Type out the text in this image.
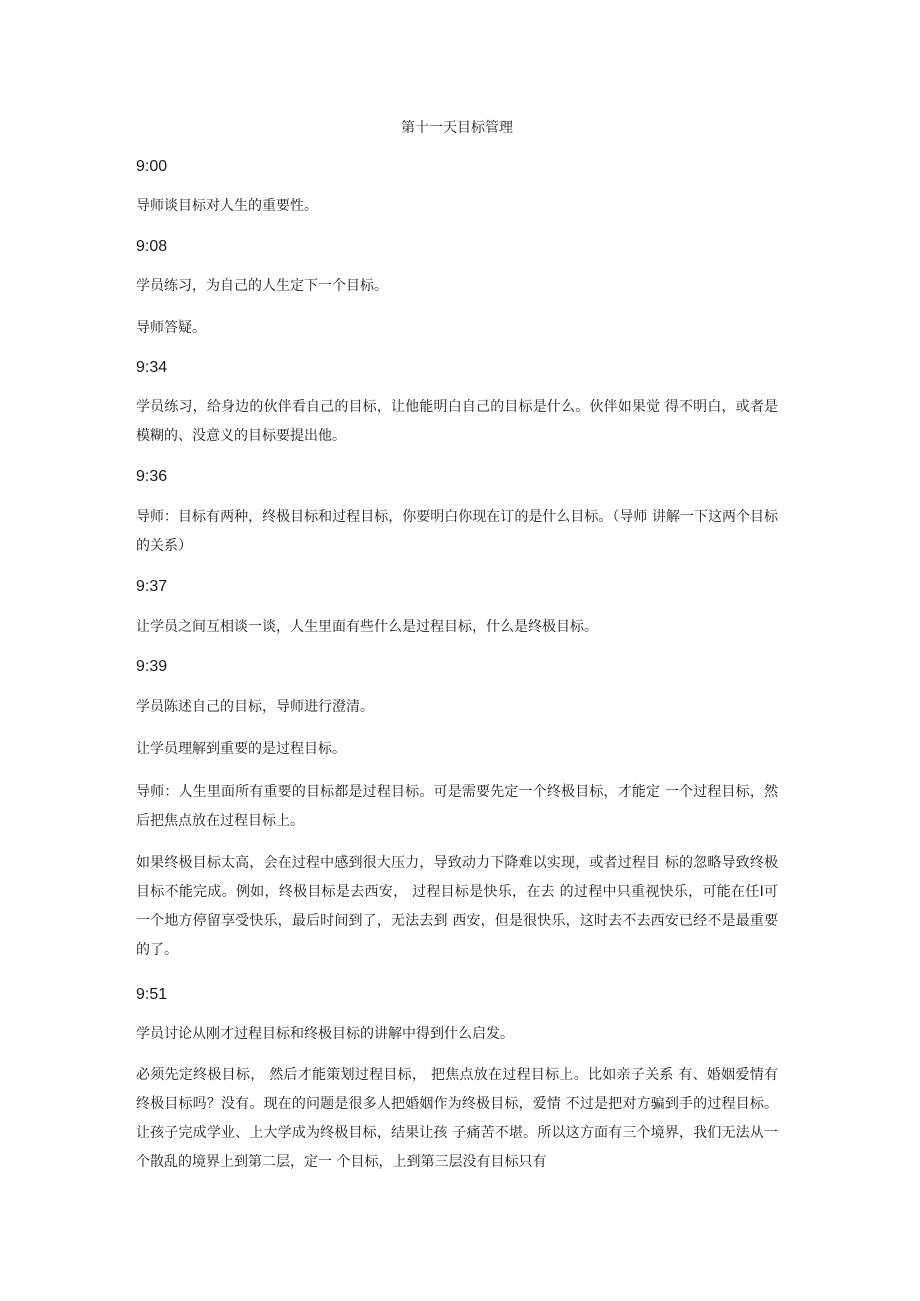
第十一天目标管理
9:00

导师谈目标对人生的重要性。

9:08

学员练习，为自己的人生定下一个目标。

导师答疑。

9:34

学员练习，给身边的伙伴看自己的目标，让他能明白自己的目标是什么。伙伴如果觉 得不明白，或者是模糊的、没意义的目标要提出他。

9:36

导师：目标有两种，终极目标和过程目标，你要明白你现在订的是什么目标。（导师 讲解一下这两个目标的关系）

9:37

让学员之间互相谈一谈，人生里面有些什么是过程目标，什么是终极目标。

9:39

学员陈述自己的目标，导师进行澄清。

让学员理解到重要的是过程目标。

导师：人生里面所有重要的目标都是过程目标。可是需要先定一个终极目标，才能定 一个过程目标，然后把焦点放在过程目标上。

如果终极目标太高，会在过程中感到很大压力，导致动力下降难以实现，或者过程目 标的忽略导致终极目标不能完成。例如，终极目标是去西安， 过程目标是快乐，在去 的过程中只重视快乐，可能在任I可一个地方停留享受快乐，最后时间到了，无法去到 西安，但是很快乐，这时去不去西安已经不是最重要的了。

9:51

学员讨论从刚才过程目标和终极目标的讲解中得到什么启发。

必须先定终极目标， 然后才能策划过程目标， 把焦点放在过程目标上。比如亲子关系 有、婚姻爱情有终极目标吗？没有。现在的问题是很多人把婚姻作为终极目标，爱情 不过是把对方骗到手的过程目标。让孩子完成学业、上大学成为终极目标，结果让孩 子痛苦不堪。所以这方面有三个境界，我们无法从一个散乱的境界上到第二层，定一 个目标，上到第三层没有目标只有
